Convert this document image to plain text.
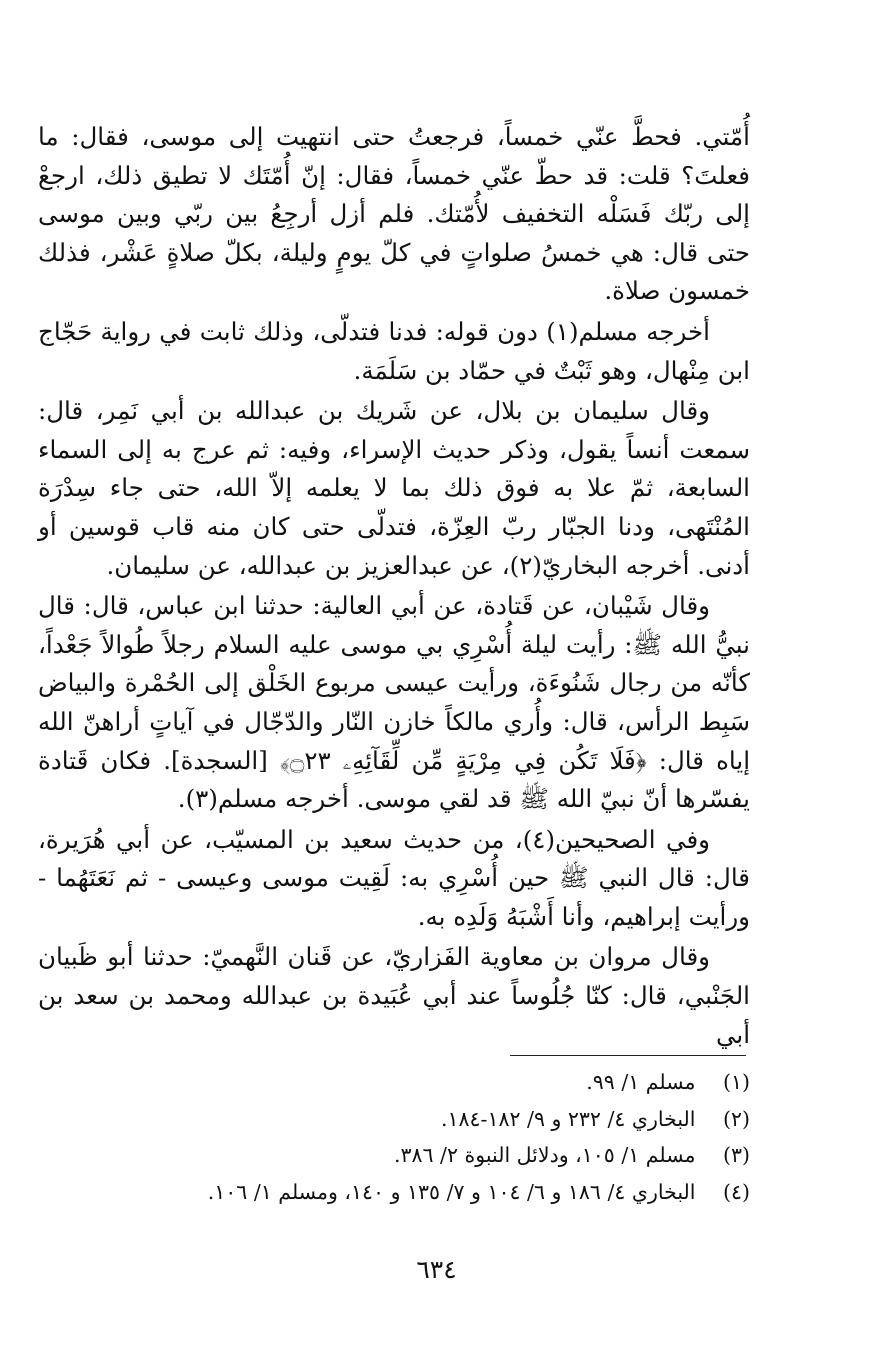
أُمّتي. فحطَّ عنّي خمساً، فرجعتُ حتى انتهيت إلى موسى، فقال: ما فعلتَ؟ قلت: قد حطّ عنّي خمساً، فقال: إنّ أُمّتَك لا تطيق ذلك، ارجعْ إلى ربّك فَسَلْه التخفيف لأُمّتك. فلم أزل أرجِعُ بين ربّي وبين موسى حتى قال: هي خمسُ صلواتٍ في كلّ يومٍ وليلة، بكلّ صلاةٍ عَشْر، فذلك خمسون صلاة.

أخرجه مسلم(١) دون قوله: فدنا فتدلّى، وذلك ثابت في رواية حَجّاج ابن مِنْهال، وهو ثَبْتٌ في حمّاد بن سَلَمَة.

وقال سليمان بن بلال، عن شَريك بن عبدالله بن أبي نَمِر، قال: سمعت أنساً يقول، وذكر حديث الإسراء، وفيه: ثم عرج به إلى السماء السابعة، ثمّ علا به فوق ذلك بما لا يعلمه إلاّ الله، حتى جاء سِدْرَة المُنْتَهى، ودنا الجبّار ربّ العِزّة، فتدلّى حتى كان منه قاب قوسين أو أدنى. أخرجه البخاريّ(٢)، عن عبدالعزيز بن عبدالله، عن سليمان.

وقال شَيْبان، عن قَتادة، عن أبي العالية: حدثنا ابن عباس، قال: قال نبيُّ الله ﷺ: رأيت ليلة أُسْرِي بي موسى عليه السلام رجلاً طُوالاً جَعْداً، كأنّه من رجال شَنُوءَة، ورأيت عيسى مربوع الخَلْق إلى الحُمْرة والبياض سَبِط الرأس، قال: وأُري مالكاً خازن النّار والدّجّال في آياتٍ أراهنّ الله إياه قال: ﴿فَلَا تَكُن فِي مِرْيَةٍ مِّن لِّقَآئِهِۦ ۝٢٣﴾ [السجدة]. فكان قَتادة يفسّرها أنّ نبيّ الله ﷺ قد لقي موسى. أخرجه مسلم(٣).

وفي الصحيحين(٤)، من حديث سعيد بن المسيّب، عن أبي هُرَيرة، قال: قال النبي ﷺ حين أُسْرِي به: لَقِيت موسى وعيسى - ثم نَعَتَهُما - ورأيت إبراهيم، وأنا أَشْبَهُ وَلَدِه به.

وقال مروان بن معاوية الفَزاريّ، عن قَنان النَّهميّ: حدثنا أبو ظَبيان الجَنْبي، قال: كنّا جُلُوساً عند أبي عُبَيدة بن عبدالله ومحمد بن سعد بن أبي

(١) مسلم ١/ ٩٩.

(٢) البخاري ٤/ ٢٣٢ و ٩/ ١٨٢-١٨٤.

(٣) مسلم ١/ ١٠٥، ودلائل النبوة ٢/ ٣٨٦.

(٤) البخاري ٤/ ١٨٦ و ٦/ ١٠٤ و ٧/ ١٣٥ و ١٤٠، ومسلم ١/ ١٠٦.

٦٣٤
